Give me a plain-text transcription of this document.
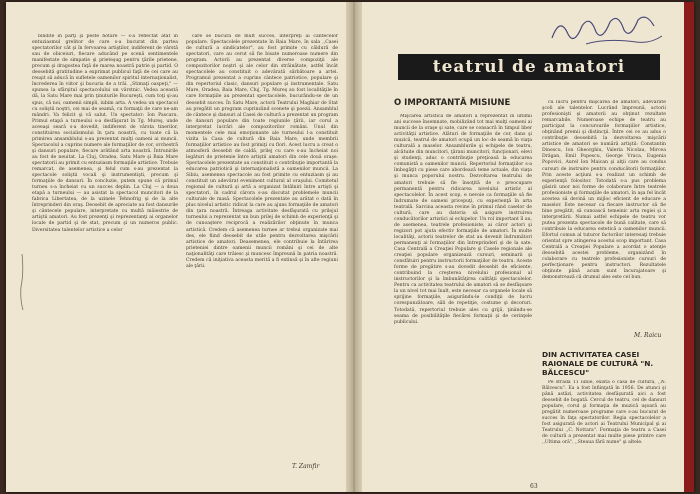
bindite în parţi şi peste hotare — s-a reflectat atât în entuziasmul grelitor de care s-a bucurat din partea spectatorilor cât şi în fervoarea artiştilor, indiferent de vârstă sau de obiceiuri, fiecare aducând pe scenă sentimentele manifestate de simpatie şi prieteşug pentru ţările prietene, precum şi dragostea faţă de marea noastră patrie şi partid. O deosebită gratitudine a exprimat publicul faţă de cei care au reuşit să aducă în sufletele oamenilor spiritul internaţionalist, încrederea în viitor şi bucuria de a trăi. „Stimaţi oaspeţi," — spunea la sfârşitul spectacolului un vârstnic. Vedea această dă, la Satu Mare mai prin ţinuturile Bucureşti, cum toţi şi-au spus, că noi, oamenii simpli, iubim arta. A vedea un spectacol cu soliştii noştri, cei mai de seamă, cu formaţii de care ne-am mândri. Va felicit şi vă salut. Un spectator: Ion Pascaru. Primul etapă a turneului s-a desfăşurat în Tg. Mureş, unde aceeaşi seară s-a dovedit, indiferent de vârsta tinerilor, constituirea socialismului în ţara noastră, cu toate că la primirea ansamblului s-au prezentat mulţi oameni ai muncii. Spectacolul a cuprins numere ale formaţiilor de cor, orchestră şi dansuri populare, fiecare arătând arta noastră. Întrunirile au fost de neuitat. La Cluj, Oradea, Satu Mare şi Baia Mare spectatorii au primit cu entuziasm formaţiile artistice. Trebuie remarcat, de asemenea, şi felul cum s-au prezentat la spectacole soliştii vocali şi instrumentişti, precum şi formaţiile de dansuri. În concluzie, putem spune că primul turneu s-a încheiat cu un succes deplin. La Cluj — a doua etapă a turneului — au asistat la spectacol muncitori de la fabrica Libertatea, de la uzinele Tehnofrig şi de la alte întreprinderi din oraş. Deosebit de apreciate au fost dansurile şi cântecele populare, interpretate cu multă măiestrie de artiştii amatori. Au fost prezenţi şi reprezentanţi ai organelor locale de partid şi de stat, precum şi un numeros public. Diversitatea talentelor artistice a celor

care se bucură de mult succes, interpreţi ai cântecelor populare. Spectacolele prezentate în Baia Mare, în sala ,,Casei de cultură a sindicatelor", au fost primite cu căldură de spectatori, care au cerut să fie bisate numeroase numere din program. Actorii au prezentat diverse compoziţii ale compozitorilor noştri şi ale celor din străinătate, astfel încât spectacolele au constituit o adevărată sărbătoare a artei. Programul prezentat a cuprins cântece patriotice, populare şi din repertoriul clasic, dansuri populare şi instrumentale. Satu Mare, Oradea, Baia Mare, Cluj, Tg. Mureş au fost localităţile în care formaţiile au prezentat spectacolele, bucurându-se de un deosebit succes. În Satu Mare, actorii Teatrului Maghiar de Stat au pregătit un program cuprinzând scenete şi poezii. Ansamblul de cântece şi dansuri al Casei de cultură a prezentat un program de dansuri populare din toate regiunile ţării, iar corul a interpretat lucrări ale compozitorilor români. Unul din momentele cele mai emoţionante ale turneului l-a constituit vizita la Casa de cultură din Baia Mare, unde membrii formaţiilor artistice au fost primiţi cu flori. Acest lucru a creat o atmosferă deosebit de caldă, prilej cu care s-au încheiat noi legături de prietenie între artiştii amatori din cele două oraşe. Spectacolele prezentate au constituit o contribuţie importantă la educarea patriotică şi internaţionalistă a oamenilor muncii. La Sibiu, asemenea spectacole au fost primite cu entuziasm şi au constituit un adevărat eveniment cultural al oraşului. Comitetul regional de cultură şi artă a organizat întâlniri între artişti şi spectatori, în cadrul cărora s-au discutat problemele muncii culturale de masă. Spectacolele prezentate au arătat o dată în plus nivelul artistic ridicat la care au ajuns formaţiile de amatori din ţara noastră. Întreaga activitate desfăşurată cu prilejul turneului a reprezentat un bun prilej de schimb de experienţă şi de cunoaştere reciprocă a realizărilor obţinute în munca artistică. Credem că asemenea turnee ar trebui organizate mai des, ele fiind deosebit de utile pentru dezvoltarea mişcării artistice de amatori. Deasemenea, ele contribuie la întărirea prieteniei dintre oamenii muncii români şi cei de alte naţionalităţi care trăiesc şi muncesc împreună în patria noastră. Credem că iniţiativa aceasta merită a fi extinsă şi în alte regiuni ale ţării.

T. Zamfir
teatrul de amatori
O IMPORTANTĂ MISIUNE

Mişcarea artistică de amatori a reprezentat în ultimii ani succese însemnate, mobilizând tot mai mulţi oameni ai muncii de la oraşe şi sate, care se consacră în timpul liber activităţii artistice. Alături de formaţiile de cor, dans şi muzică, teatrul de amatori ocupă un loc de seamă în viaţa culturală a maselor. Ansamblurile şi echipele de teatru, alcătuite din muncitori, ţărani muncitori, funcţionari, elevi şi studenţi, aduc o contribuţie preţioasă la educarea comunistă a oamenilor muncii. Repertoriul formaţiilor s-a îmbogăţit cu piese care abordează teme actuale, din viaţa şi munca poporului nostru. Dezvoltarea teatrului de amatori trebuie să fie însoţită de o preocupare permanentă pentru ridicarea nivelului artistic al spectacolelor. În acest scop, e nevoie ca formaţiile să fie îndrumate de oameni pricepuţi, cu experienţă în arta teatrală. Sarcina aceasta revine în primul rând caselor de cultură, care au datoria să asigure instruirea conducătorilor artistici ai echipelor. Un rol important îl au, de asemenea, teatrele profesioniste, ai căror actori şi regizori pot ajuta efectiv formaţiile de amatori. În multe localităţi, actorii teatrelor de stat au devenit îndrumători permanenţi ai formaţiilor din întreprinderi şi de la sate. Casa Centrală a Creaţiei Populare şi Casele regionale ale creaţiei populare organizează cursuri, seminarii şi consfătuiri pentru instructorii formaţiilor de teatru. Aceste forme de pregătire s-au dovedit deosebit de eficiente, contribuind la creşterea nivelului profesional al instructorilor şi la îmbunătăţirea calităţii spectacolelor. Pentru ca activitatea teatrului de amatori să se desfăşoare la un nivel tot mai înalt, este necesar ca organele locale să sprijine formaţiile, asigurându-le condiţii de lucru corespunzătoare, săli de repetiţie, costume şi decoruri. Totodată, repertoriul trebuie ales cu grijă, ţinându-se seama de posibilităţile fiecărei formaţii şi de cerinţele publicului.

cu lucru pentru mişcarea de amatori, adevărate şcoli ale talentelor. Lucrând împreună, actorii profesionişti şi amatorii au obţinut rezultate remarcabile. Numeroase echipe de teatru au participat la concursurile formaţiilor artistice, obţinând premii şi distincţii. Între cei ce au adus o contribuţie deosebită la dezvoltarea mişcării artistice de amatori se numără artiştii: Constantin Dinescu, Ion Gheorghiu, Valeria Nicolau, Mircea Drăgan, Emil Popescu, George Vraca, Eugenia Popovici, Aurel Ion Maican şi alţii care au condus cursuri de instruire pentru conducătorii formaţiilor. Prin aceste acţiuni s-a realizat un schimb de experienţă folositor. Totodată s-a pus problema găsirii unor noi forme de colaborare între teatrele profesioniste şi formaţiile de amatori, în aşa fel încât acestea să devină un mijloc eficient de educare a maselor. Este necesar ca fiecare instructor să fie bine pregătit, să cunoască temeinic arta regiei şi a interpretării. Numai astfel echipele de teatru vor putea prezenta spectacole de bună calitate, care să contribuie la educarea estetică a oamenilor muncii. Efortul comun al tuturor factorilor interesaţi trebuie orientat spre atingerea acestui scop important. Casa Centrală a Creaţiei Populare a acordat o atenţie deosebită acestei probleme, organizând în colaborare cu teatrele profesioniste cursuri de perfecţionare pentru instructori. Rezultatele obţinute până acum sunt încurajatoare şi demonstrează că drumul ales este cel bun.

M. Raicu
DIN ACTIVITATEA CASEI RAIONALE DE CULTURĂ "N. BĂLCESCU"

Pe strada 11 iunie, există o casă de cultură, ,,N. Bălcescu". Ea a fost înfiinţată în 1956. De atunci şi până astăzi, activitatea desfăşurată aici a fost deosebit de bogată. Cercul de teatru, cel de dansuri populare, corul şi formaţia de muzică uşoară au pregătit numeroase programe care s-au bucurat de succes în faţa spectatorilor. Regia spectacolelor a fost asigurată de actori ai Teatrului Municipal şi ai Teatrului ,,C. Nottara". Formaţia de teatru a Casei de cultură a prezentat mai multe piese printre care ,,Ultima oră", ,,Steaua fără nume" şi altele.

63
